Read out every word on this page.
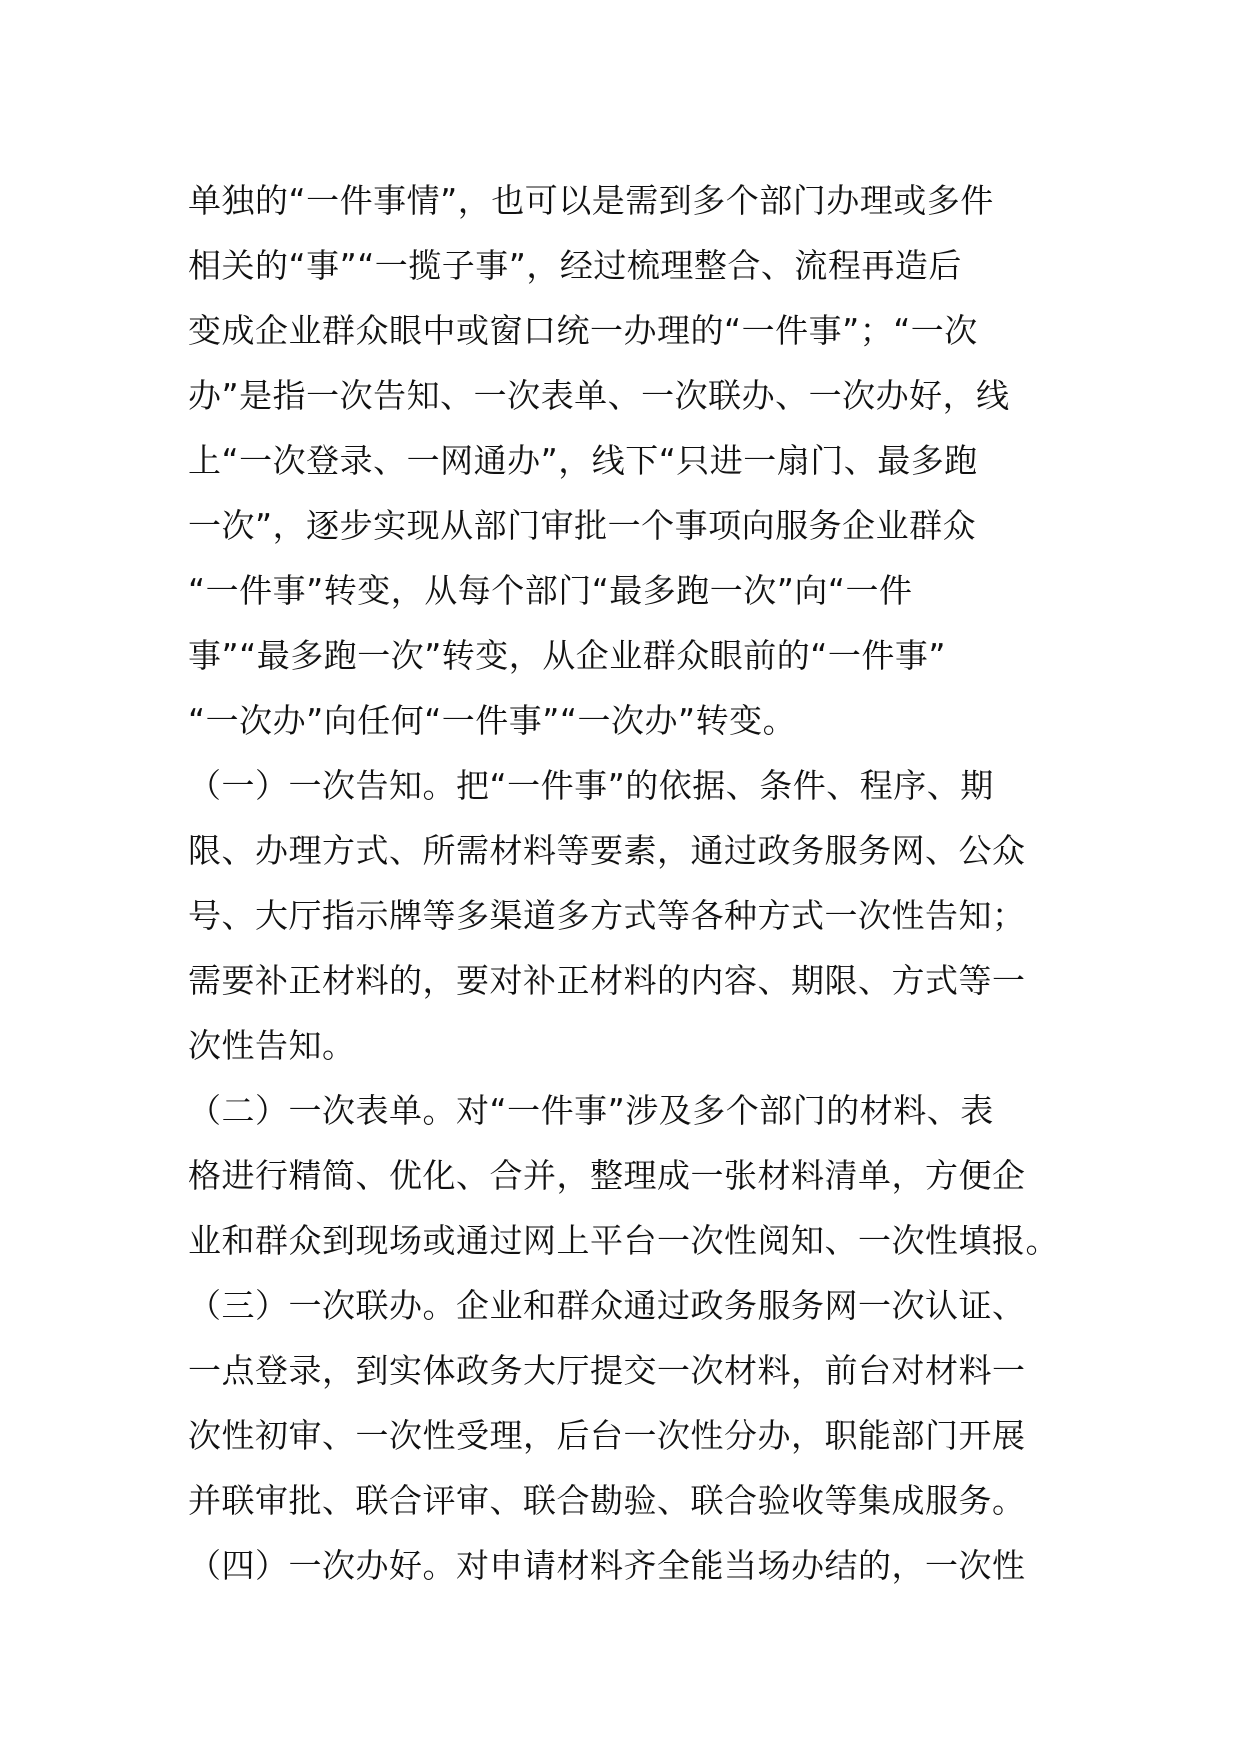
单独的“一件事情”，也可以是需到多个部门办理或多件
相关的“事”“一揽子事”，经过梳理整合、流程再造后
变成企业群众眼中或窗口统一办理的“一件事”；“一次
办”是指一次告知、一次表单、一次联办、一次办好，线
上“一次登录、一网通办”，线下“只进一扇门、最多跑
一次”，逐步实现从部门审批一个事项向服务企业群众
“一件事”转变，从每个部门“最多跑一次”向“一件
事”“最多跑一次”转变，从企业群众眼前的“一件事”
“一次办”向任何“一件事”“一次办”转变。
（一）一次告知。把“一件事”的依据、条件、程序、期
限、办理方式、所需材料等要素，通过政务服务网、公众
号、大厅指示牌等多渠道多方式等各种方式一次性告知；
需要补正材料的，要对补正材料的内容、期限、方式等一
次性告知。
（二）一次表单。对“一件事”涉及多个部门的材料、表
格进行精简、优化、合并，整理成一张材料清单，方便企
业和群众到现场或通过网上平台一次性阅知、一次性填报。
（三）一次联办。企业和群众通过政务服务网一次认证、
一点登录，到实体政务大厅提交一次材料，前台对材料一
次性初审、一次性受理，后台一次性分办，职能部门开展
并联审批、联合评审、联合勘验、联合验收等集成服务。
（四）一次办好。对申请材料齐全能当场办结的，一次性
